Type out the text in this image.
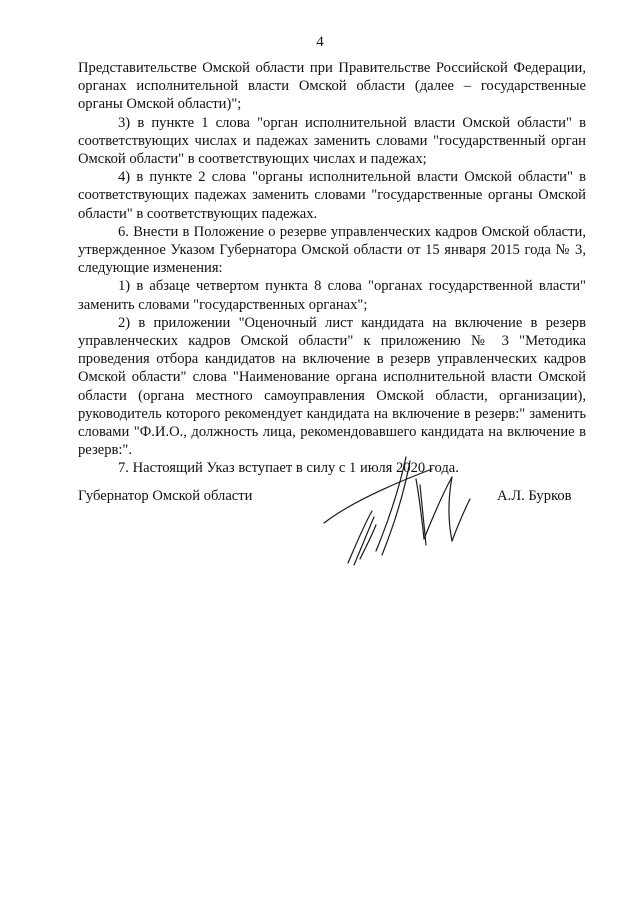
4

Представительстве Омской области при Правительстве Российской Федерации, органах исполнительной власти Омской области (далее – государственные органы Омской области)";

3) в пункте 1 слова "орган исполнительной власти Омской области" в соответствующих числах и падежах заменить словами "государственный орган Омской области" в соответствующих числах и падежах;

4) в пункте 2 слова "органы исполнительной власти Омской области" в соответствующих падежах заменить словами "государственные органы Омской области" в соответствующих падежах.

6. Внести в Положение о резерве управленческих кадров Омской области, утвержденное Указом Губернатора Омской области от 15 января 2015 года № 3, следующие изменения:

1) в абзаце четвертом пункта 8 слова "органах государственной власти" заменить словами "государственных органах";

2) в приложении "Оценочный лист кандидата на включение в резерв управленческих кадров Омской области" к приложению № 3 "Методика проведения отбора кандидатов на включение в резерв управленческих кадров Омской области" слова "Наименование органа исполнительной власти Омской области (органа местного самоуправления Омской области, организации), руководитель которого рекомендует кандидата на включение в резерв:" заменить словами "Ф.И.О., должность лица, рекомендовавшего кандидата на включение в резерв:".

7. Настоящий Указ вступает в силу с 1 июля 2020 года.

Губернатор Омской области	А.Л. Бурков
